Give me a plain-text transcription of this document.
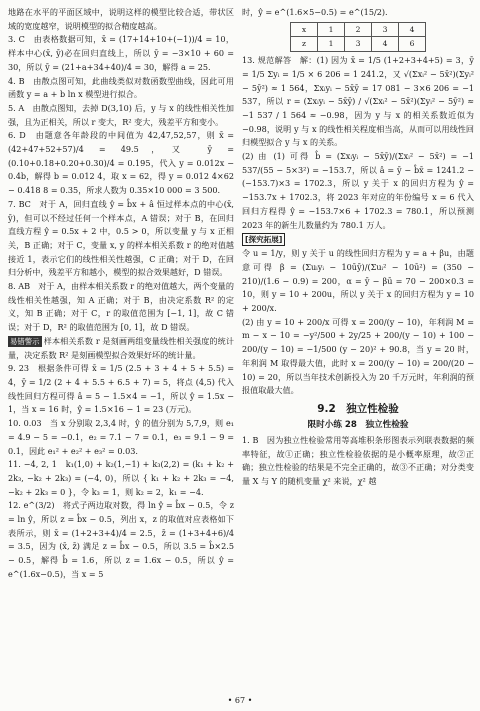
地路在水平的平面区域中，说明这样的模型比较合适，带状区域的宽度越窄，说明模型的拟合精度越高。

3. C　由表格数据可知，x̄ = (17+14+10+(−1))/4 = 10，样本中心(x̄, ȳ)必在回归直线上，所以 ȳ = −3×10 + 60 = 30，所以 ȳ = (21+a+34+40)/4 = 30，解得 a = 25.

4. B　由散点图可知，此曲线类似对数函数型曲线，因此可用函数 y = a + b ln x 模型进行拟合。

5. A　由散点图知，去掉 D(3,10) 后，y 与 x 的线性相关性加强，且为正相关，所以 r 变大，R² 变大，残差平方和变小。

6. D　由题意各年龄段的中间值为 42,47,52,57，则 x̄ = (42+47+52+57)/4 = 49.5，又 ȳ = (0.10+0.18+0.20+0.30)/4 = 0.195，代入 y = 0.012x − 0.4b，解得 b = 0.012 4，取 x = 62，得 y = 0.012 4×62 − 0.418 8 = 0.35，所求人数为 0.35×10 000 = 3 500.

7. BC　对于 A，回归直线 ŷ = b̂x + â 恒过样本点的中心(x̄, ȳ)，但可以不经过任何一个样本点，A 错误；对于 B，在回归直线方程 ŷ = 0.5x + 2 中，0.5 > 0，所以变量 y 与 x 正相关，B 正确；对于 C，变量 x, y 的样本相关系数 r 的绝对值越接近 1，表示它们的线性相关性越强，C 正确；对于 D，在回归分析中，残差平方和越小，模型的拟合效果越好，D 错误。

8. AB　对于 A，由样本相关系数 r 的绝对值越大，两个变量的线性相关性越强，知 A 正确；对于 B，由决定系数 R² 的定义，知 B 正确；对于 C，r 的取值范围为 [−1, 1]，故 C 错误；对于 D，R² 的取值范围为 [0, 1]，故 D 错误。

易错警示 样本相关系数 r 是刻画两组变量线性相关强度的统计量，决定系数 R² 是刻画模型拟合效果好坏的统计量。

9. 23　根据条件可得 x̄ = 1/5 (2.5 + 3 + 4 + 5 + 5.5) = 4，ȳ = 1/2 (2 + 4 + 5.5 + 6.5 + 7) = 5，将点 (4,5) 代入线性回归方程可得 â = 5 − 1.5×4 = −1，所以 ŷ = 1.5x − 1，当 x = 16 时，ŷ = 1.5×16 − 1 = 23 (万元)。

10. 0.03　当 x 分别取 2,3,4 时，ŷ 的值分别为 5,7,9，则 e₁ = 4.9 − 5 = −0.1，e₂ = 7.1 − 7 = 0.1，e₃ = 9.1 − 9 = 0.1，因此 e₁² + e₂² + e₃² = 0.03.

11. −4, 2, 1　k₁(1,0) + k₂(1,−1) + k₃(2,2) = (k₁ + k₂ + 2k₃, −k₂ + 2k₃) = (−4, 0)，所以 { k₁ + k₂ + 2k₃ = −4, −k₂ + 2k₃ = 0 }，令 k₃ = 1，则 k₂ = 2，k₁ = −4.

12. e^(3/2)　将式子两边取对数，得 ln ŷ = b̂x − 0.5，令 z = ln ŷ，所以 z = b̂x − 0.5，列出 x，z 的取值对应表格如下表所示，则 x̄ = (1+2+3+4)/4 = 2.5，z̄ = (1+3+4+6)/4 = 3.5，因为 (x̄, z̄) 满足 z = b̂x − 0.5，所以 3.5 = b̂×2.5 − 0.5，解得 b̂ = 1.6，所以 z = 1.6x − 0.5，所以 ŷ = e^(1.6x−0.5)，当 x = 5

时，ŷ = e^(1.6×5−0.5) = e^(15/2).

x	1	2	3	4
z	1	3	4	6

13. 规范解答　解：(1) 因为 x̄ = 1/5 (1+2+3+4+5) = 3，ȳ = 1/5 Σyᵢ = 1/5 × 6 206 = 1 241.2，又 √(Σxᵢ² − 5x̄²)(Σyᵢ² − 5ȳ²) ≈ 1 564，Σxᵢyᵢ − 5x̄ȳ = 17 081 − 3×6 206 = −1 537，所以 r = (Σxᵢyᵢ − 5x̄ȳ) / √(Σxᵢ² − 5x̄²)(Σyᵢ² − 5ȳ²) ≈ −1 537 / 1 564 ≈ −0.98，因为 y 与 x 的相关系数近似为 −0.98，说明 y 与 x 的线性相关程度相当高，从而可以用线性回归模型拟合 y 与 x 的关系。

(2) 由 (1) 可得 b̂ = (Σxᵢyᵢ − 5x̄ȳ)/(Σxᵢ² − 5x̄²) = −1 537/(55 − 5×3²) = −153.7，所以 â = ȳ − b̂x̄ = 1241.2 − (−153.7)×3 = 1702.3，所以 y 关于 x 的回归方程为 ŷ = −153.7x + 1702.3，将 2023 年对应的年份编号 x = 6 代入回归方程得 ŷ = −153.7×6 + 1702.3 = 780.1，所以预测 2023 年的新生儿数量约为 780.1 万人。

[探究拓展]

令 u = 1/y，则 y 关于 u 的线性回归方程为 y = a + βu，由题意可得 β = (Σuᵢyᵢ − 10ūȳ)/(Σuᵢ² − 10ū²) = (350 − 210)/(1.6 − 0.9) = 200，α = ȳ − βū = 70 − 200×0.3 = 10，则 y = 10 + 200u，所以 y 关于 x 的回归方程为 y = 10 + 200/x.

(2) 由 y = 10 + 200/x 可得 x = 200/(y − 10)，年利润 M = m − x − 10 = −y²/500 + 2y/25 + 200/(y − 10) + 100 − 200/(y − 10) = −1/500 (y − 20)² + 90.8，当 y = 20 时，年利润 M 取得最大值，此时 x = 200/(y − 10) = 200/(20 − 10) = 20，所以当年技术创新投入为 20 千万元时，年利润的预报值取最大值。

9.2　独立性检验
限时小练 28　独立性检验

1. B　因为独立性检验常用等高堆积条形图表示列联表数据的频率特征，故①正确；独立性检验依据的是小概率原理，故②正确；独立性检验的结果是不完全正确的，故③不正确；对分类变量 X 与 Y 的随机变量 χ² 来说，χ² 越

• 67 •
